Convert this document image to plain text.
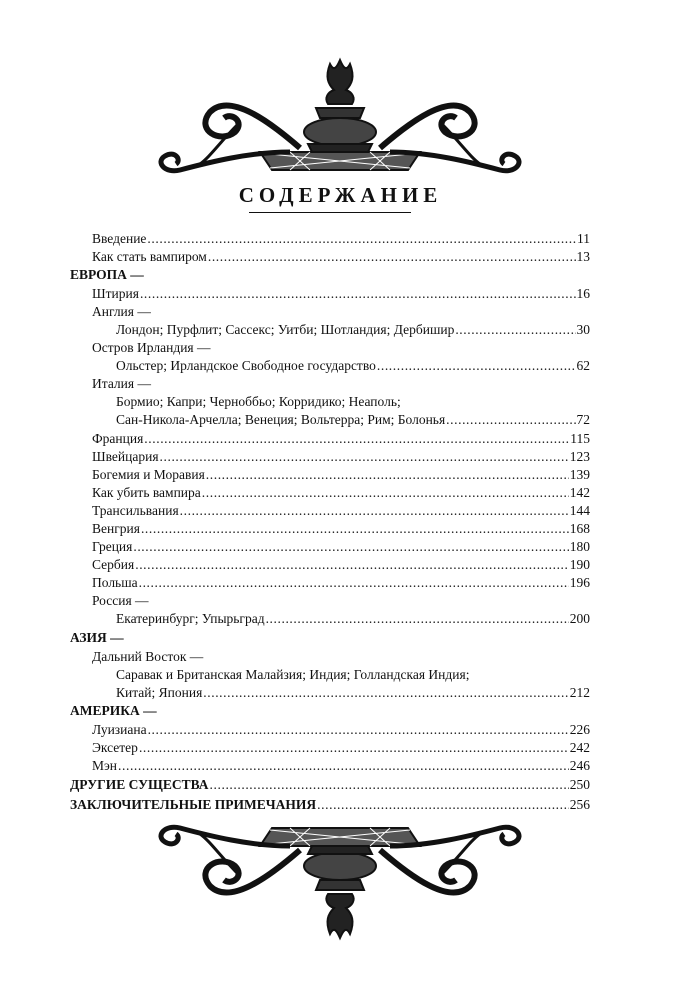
СОДЕРЖАНИЕ
Введение .....	11
Как стать вампиром .....	13
ЕВРОПА —
Штирия .....	16
Англия —
Лондон; Пурфлит; Сассекс; Уитби; Шотландия; Дербишир .....	30
Остров Ирландия —
Ольстер; Ирландское Свободное государство .....	62
Италия —
Бормио; Капри; Черноббьо; Корридико; Неаполь;
Сан-Никола-Арчелла; Венеция; Вольтерра; Рим; Болонья .....	72
Франция .....	115
Швейцария .....	123
Богемия и Моравия .....	139
Как убить вампира .....	142
Трансильвания .....	144
Венгрия .....	168
Греция .....	180
Сербия .....	190
Польша .....	196
Россия —
Екатеринбург; Упырьград .....	200
АЗИЯ —
Дальний Восток —
Саравак и Британская Малайзия; Индия; Голландская Индия;
Китай; Япония .....	212
АМЕРИКА —
Луизиана .....	226
Эксетер .....	242
Мэн .....	246
ДРУГИЕ СУЩЕСТВА .....	250
ЗАКЛЮЧИТЕЛЬНЫЕ ПРИМЕЧАНИЯ .....	256
